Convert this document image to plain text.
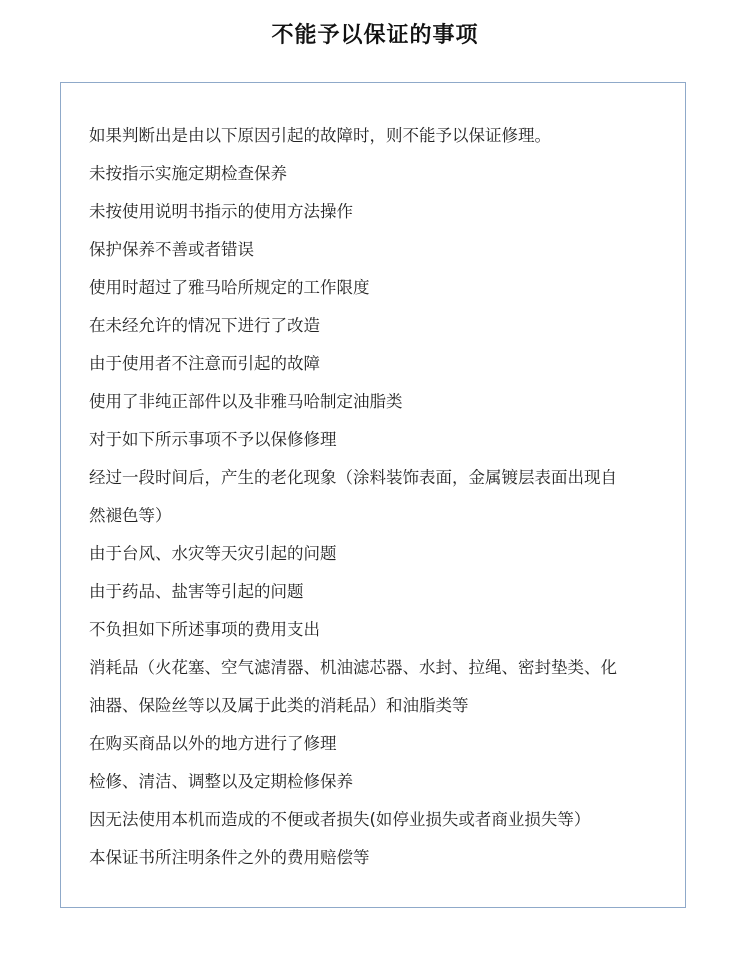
不能予以保证的事项
如果判断出是由以下原因引起的故障时，则不能予以保证修理。
未按指示实施定期检查保养
未按使用说明书指示的使用方法操作
保护保养不善或者错误
使用时超过了雅马哈所规定的工作限度
在未经允许的情况下进行了改造
由于使用者不注意而引起的故障
使用了非纯正部件以及非雅马哈制定油脂类
对于如下所示事项不予以保修修理
经过一段时间后，产生的老化现象（涂料装饰表面，金属镀层表面出现自
然褪色等）
由于台风、水灾等天灾引起的问题
由于药品、盐害等引起的问题
不负担如下所述事项的费用支出
消耗品（火花塞、空气滤清器、机油滤芯器、水封、拉绳、密封垫类、化
油器、保险丝等以及属于此类的消耗品）和油脂类等
在购买商品以外的地方进行了修理
检修、清洁、调整以及定期检修保养
因无法使用本机而造成的不便或者损失(如停业损失或者商业损失等）
本保证书所注明条件之外的费用赔偿等
